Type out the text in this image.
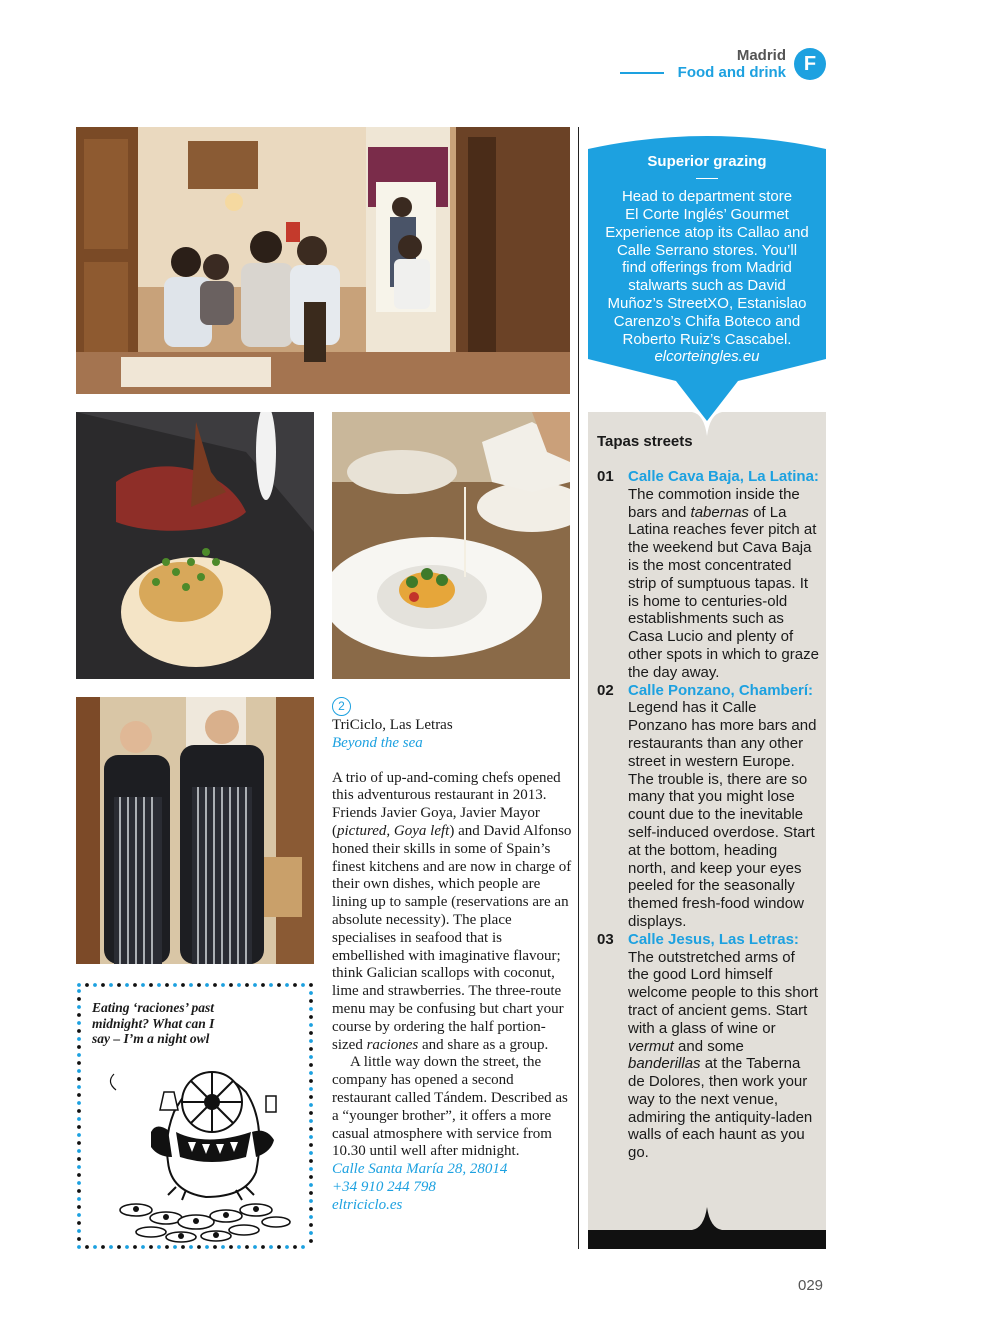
Madrid
Food and drink F
Superior grazing
Head to department store
El Corte Inglés’ Gourmet
Experience atop its Callao and
Calle Serrano stores. You’ll
find offerings from Madrid
stalwarts such as David
Muñoz’s StreetXO, Estanislao
Carenzo’s Chifa Boteco and
Roberto Ruiz’s Cascabel.
elcorteingles.eu
Tapas streets
01 Calle Cava Baja, La Latina: The commotion inside the bars and tabernas of La Latina reaches fever pitch at the weekend but Cava Baja is the most concentrated strip of sumptuous tapas. It is home to centuries-old establishments such as Casa Lucio and plenty of other spots in which to graze the day away.
02 Calle Ponzano, Chamberí: Legend has it Calle Ponzano has more bars and restaurants than any other street in western Europe. The trouble is, there are so many that you might lose count due to the inevitable self-induced overdose. Start at the bottom, heading north, and keep your eyes peeled for the seasonally themed fresh-food window displays.
03 Calle Jesus, Las Letras: The outstretched arms of the good Lord himself welcome people to this short tract of ancient gems. Start with a glass of wine or vermut and some banderillas at the Taberna de Dolores, then work your way to the next venue, admiring the antiquity-laden walls of each haunt as you go.
2
TriCiclo, Las Letras
Beyond the sea

A trio of up-and-coming chefs opened this adventurous restaurant in 2013. Friends Javier Goya, Javier Mayor (pictured, Goya left) and David Alfonso honed their skills in some of Spain’s finest kitchens and are now in charge of their own dishes, which people are lining up to sample (reservations are an absolute necessity). The place specialises in seafood that is embellished with imaginative flavour; think Galician scallops with coconut, lime and strawberries. The three-route menu may be confusing but chart your course by ordering the half portion-sized raciones and share as a group.

A little way down the street, the company has opened a second restaurant called Tándem. Described as a “younger brother”, it offers a more casual atmosphere with service from 10.30 until well after midnight.

Calle Santa María 28, 28014
+34 910 244 798
eltriciclo.es
Eating ‘raciones’ past midnight? What can I say – I’m a night owl
029
